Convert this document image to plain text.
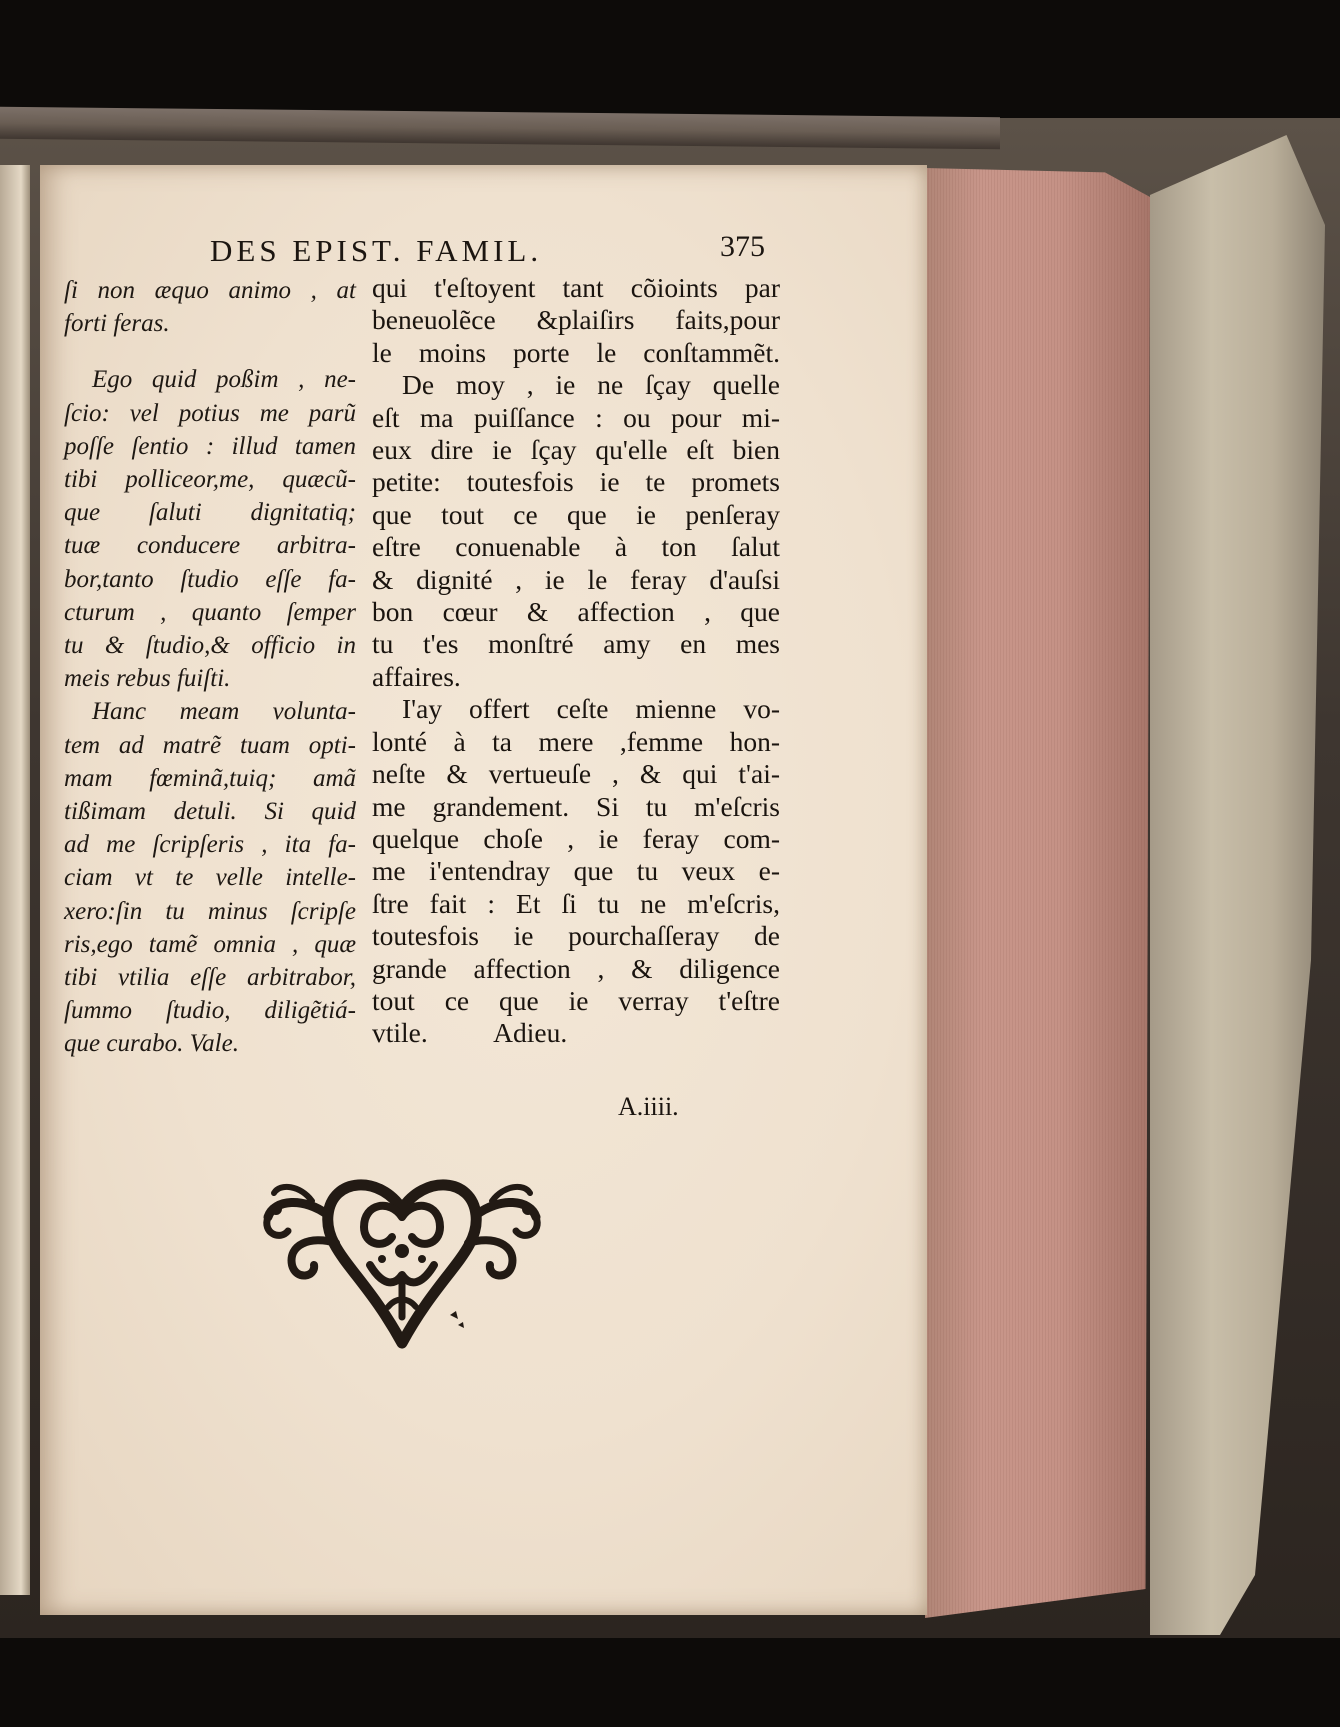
DES EPIST. FAMIL.	375
ſi non æquo animo , at
forti feras.
Ego quid poßim , ne-
ſcio: vel potius me parũ
poſſe ſentio : illud tamen
tibi polliceor,me, quæcũ-
que ſaluti dignitatiq;
tuæ conducere arbitra-
bor,tanto ſtudio eſſe fa-
cturum , quanto ſemper
tu & ſtudio,& officio in
meis rebus fuiſti.
Hanc meam volunta-
tem ad matrẽ tuam opti-
mam fœminã,tuiq; amã
tißimam detuli. Si quid
ad me ſcripſeris , ita fa-
ciam vt te velle intelle-
xero:ſin tu minus ſcripſe
ris,ego tamẽ omnia , quæ
tibi vtilia eſſe arbitrabor,
ſummo ſtudio, diligẽtiá-
que curabo. Vale.
qui t'eſtoyent tant cõioints par
beneuolẽce &plaiſirs faits,pour
le moins porte le conſtammẽt.
De moy , ie ne ſçay quelle
eſt ma puiſſance : ou pour mi-
eux dire ie ſçay qu'elle eſt bien
petite: toutesfois ie te promets
que tout ce que ie penſeray
eſtre conuenable à ton ſalut
& dignité , ie le feray d'auſsi
bon cœur & affection , que
tu t'es monſtré amy en mes
affaires.
I'ay offert ceſte mienne vo-
lonté à ta mere ,femme hon-
neſte & vertueuſe , & qui t'ai-
me grandement. Si tu m'eſcris
quelque choſe , ie feray com-
me i'entendray que tu veux e-
ſtre fait : Et ſi tu ne m'eſcris,
toutesfois ie pourchaſſeray de
grande affection , & diligence
tout ce que ie verray t'eſtre
vtile. Adieu.
A.iiii.
